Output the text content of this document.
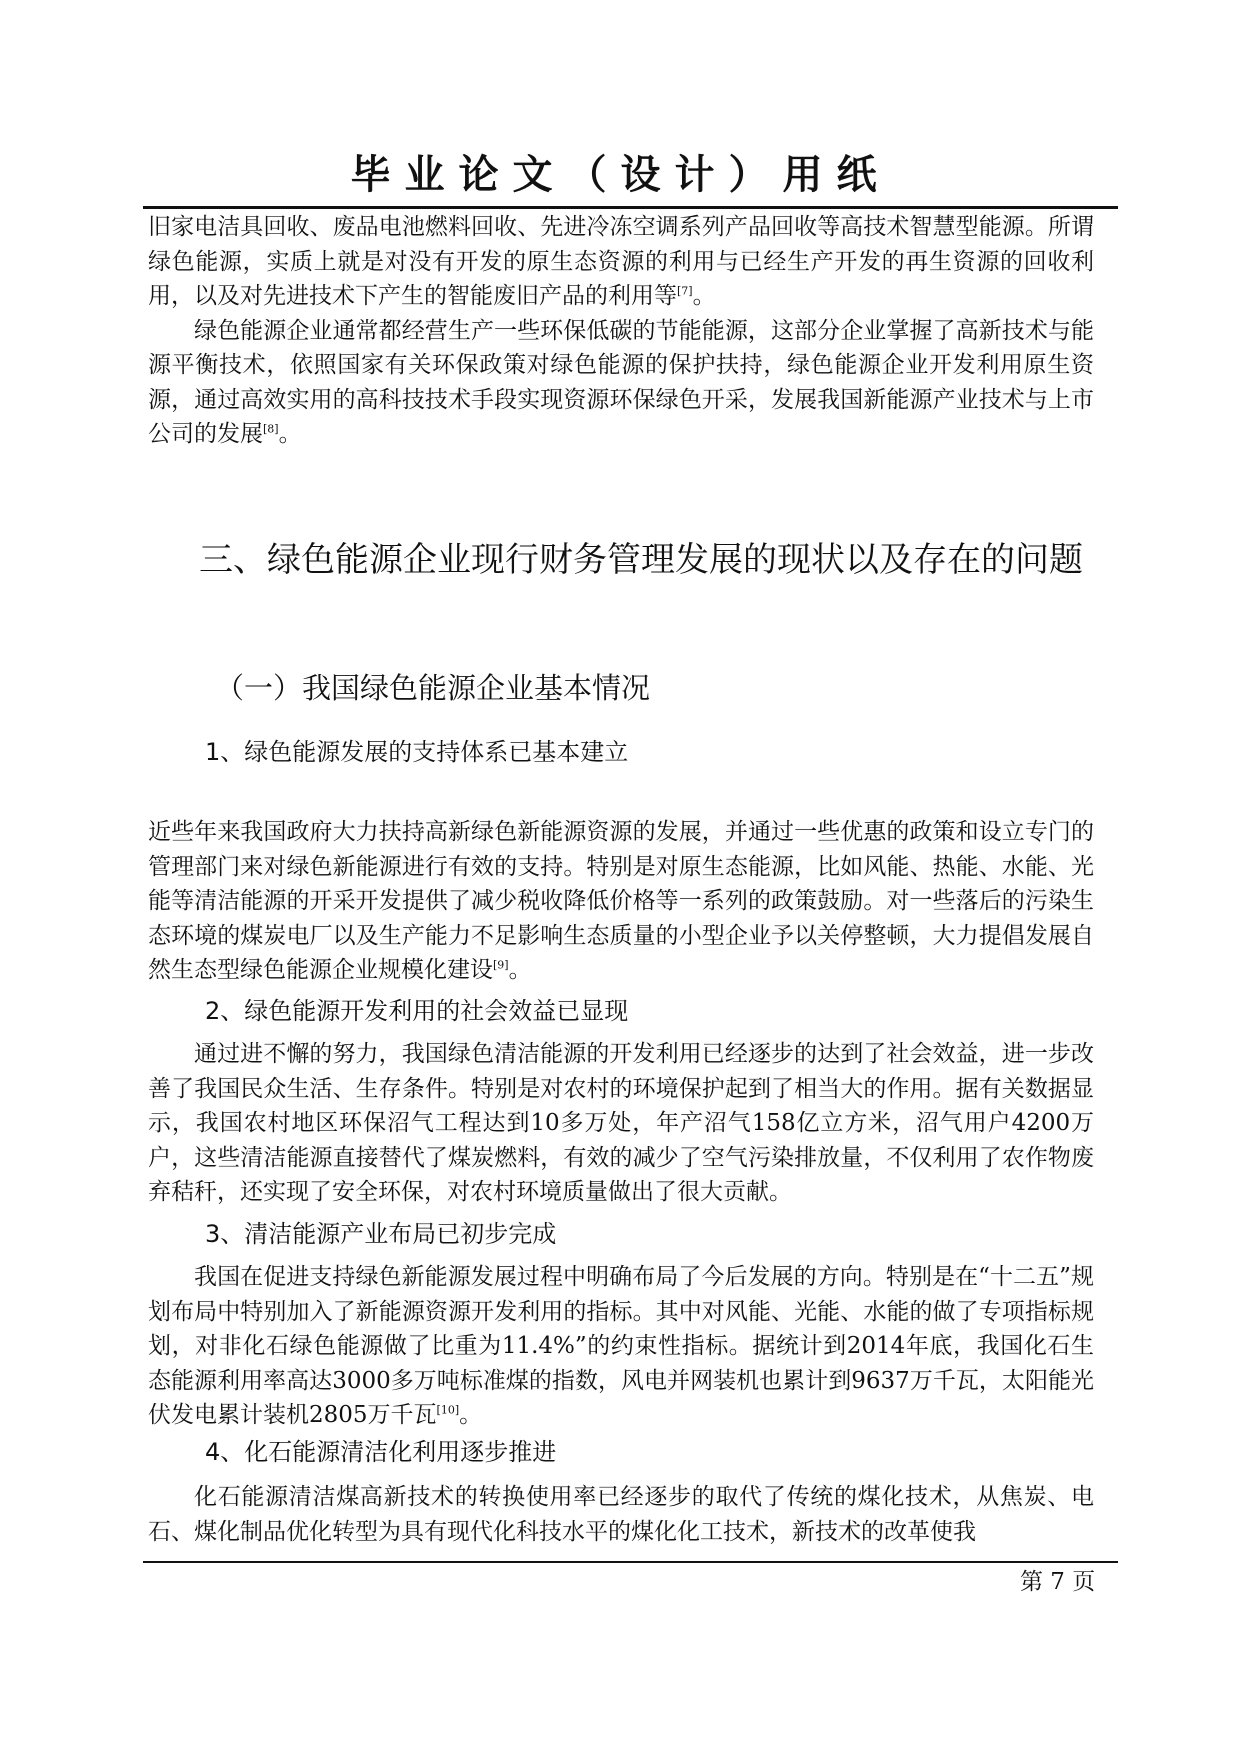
毕业论文（设计）用纸

旧家电洁具回收、废品电池燃料回收、先进冷冻空调系列产品回收等高技术智慧型能源。所谓绿色能源，实质上就是对没有开发的原生态资源的利用与已经生产开发的再生资源的回收利用，以及对先进技术下产生的智能废旧产品的利用等[7]。

绿色能源企业通常都经营生产一些环保低碳的节能能源，这部分企业掌握了高新技术与能源平衡技术，依照国家有关环保政策对绿色能源的保护扶持，绿色能源企业开发利用原生资源，通过高效实用的高科技技术手段实现资源环保绿色开采，发展我国新能源产业技术与上市公司的发展[8]。

三、绿色能源企业现行财务管理发展的现状以及存在的问题
（一）我国绿色能源企业基本情况
1、绿色能源发展的支持体系已基本建立

近些年来我国政府大力扶持高新绿色新能源资源的发展，并通过一些优惠的政策和设立专门的管理部门来对绿色新能源进行有效的支持。特别是对原生态能源，比如风能、热能、水能、光能等清洁能源的开采开发提供了减少税收降低价格等一系列的政策鼓励。对一些落后的污染生态环境的煤炭电厂以及生产能力不足影响生态质量的小型企业予以关停整顿，大力提倡发展自然生态型绿色能源企业规模化建设[9]。

2、绿色能源开发利用的社会效益已显现

通过进不懈的努力，我国绿色清洁能源的开发利用已经逐步的达到了社会效益，进一步改善了我国民众生活、生存条件。特别是对农村的环境保护起到了相当大的作用。据有关数据显示，我国农村地区环保沼气工程达到10多万处，年产沼气158亿立方米，沼气用户4200万户，这些清洁能源直接替代了煤炭燃料，有效的减少了空气污染排放量，不仅利用了农作物废弃秸秆，还实现了安全环保，对农村环境质量做出了很大贡献。

3、清洁能源产业布局已初步完成

我国在促进支持绿色新能源发展过程中明确布局了今后发展的方向。特别是在“十二五”规划布局中特别加入了新能源资源开发利用的指标。其中对风能、光能、水能的做了专项指标规划，对非化石绿色能源做了比重为11.4%”的约束性指标。据统计到2014年底，我国化石生态能源利用率高达3000多万吨标准煤的指数，风电并网装机也累计到9637万千瓦，太阳能光伏发电累计装机2805万千瓦[10]。

4、化石能源清洁化利用逐步推进

化石能源清洁煤高新技术的转换使用率已经逐步的取代了传统的煤化技术，从焦炭、电石、煤化制品优化转型为具有现代化科技水平的煤化化工技术，新技术的改革使我

第 7 页
